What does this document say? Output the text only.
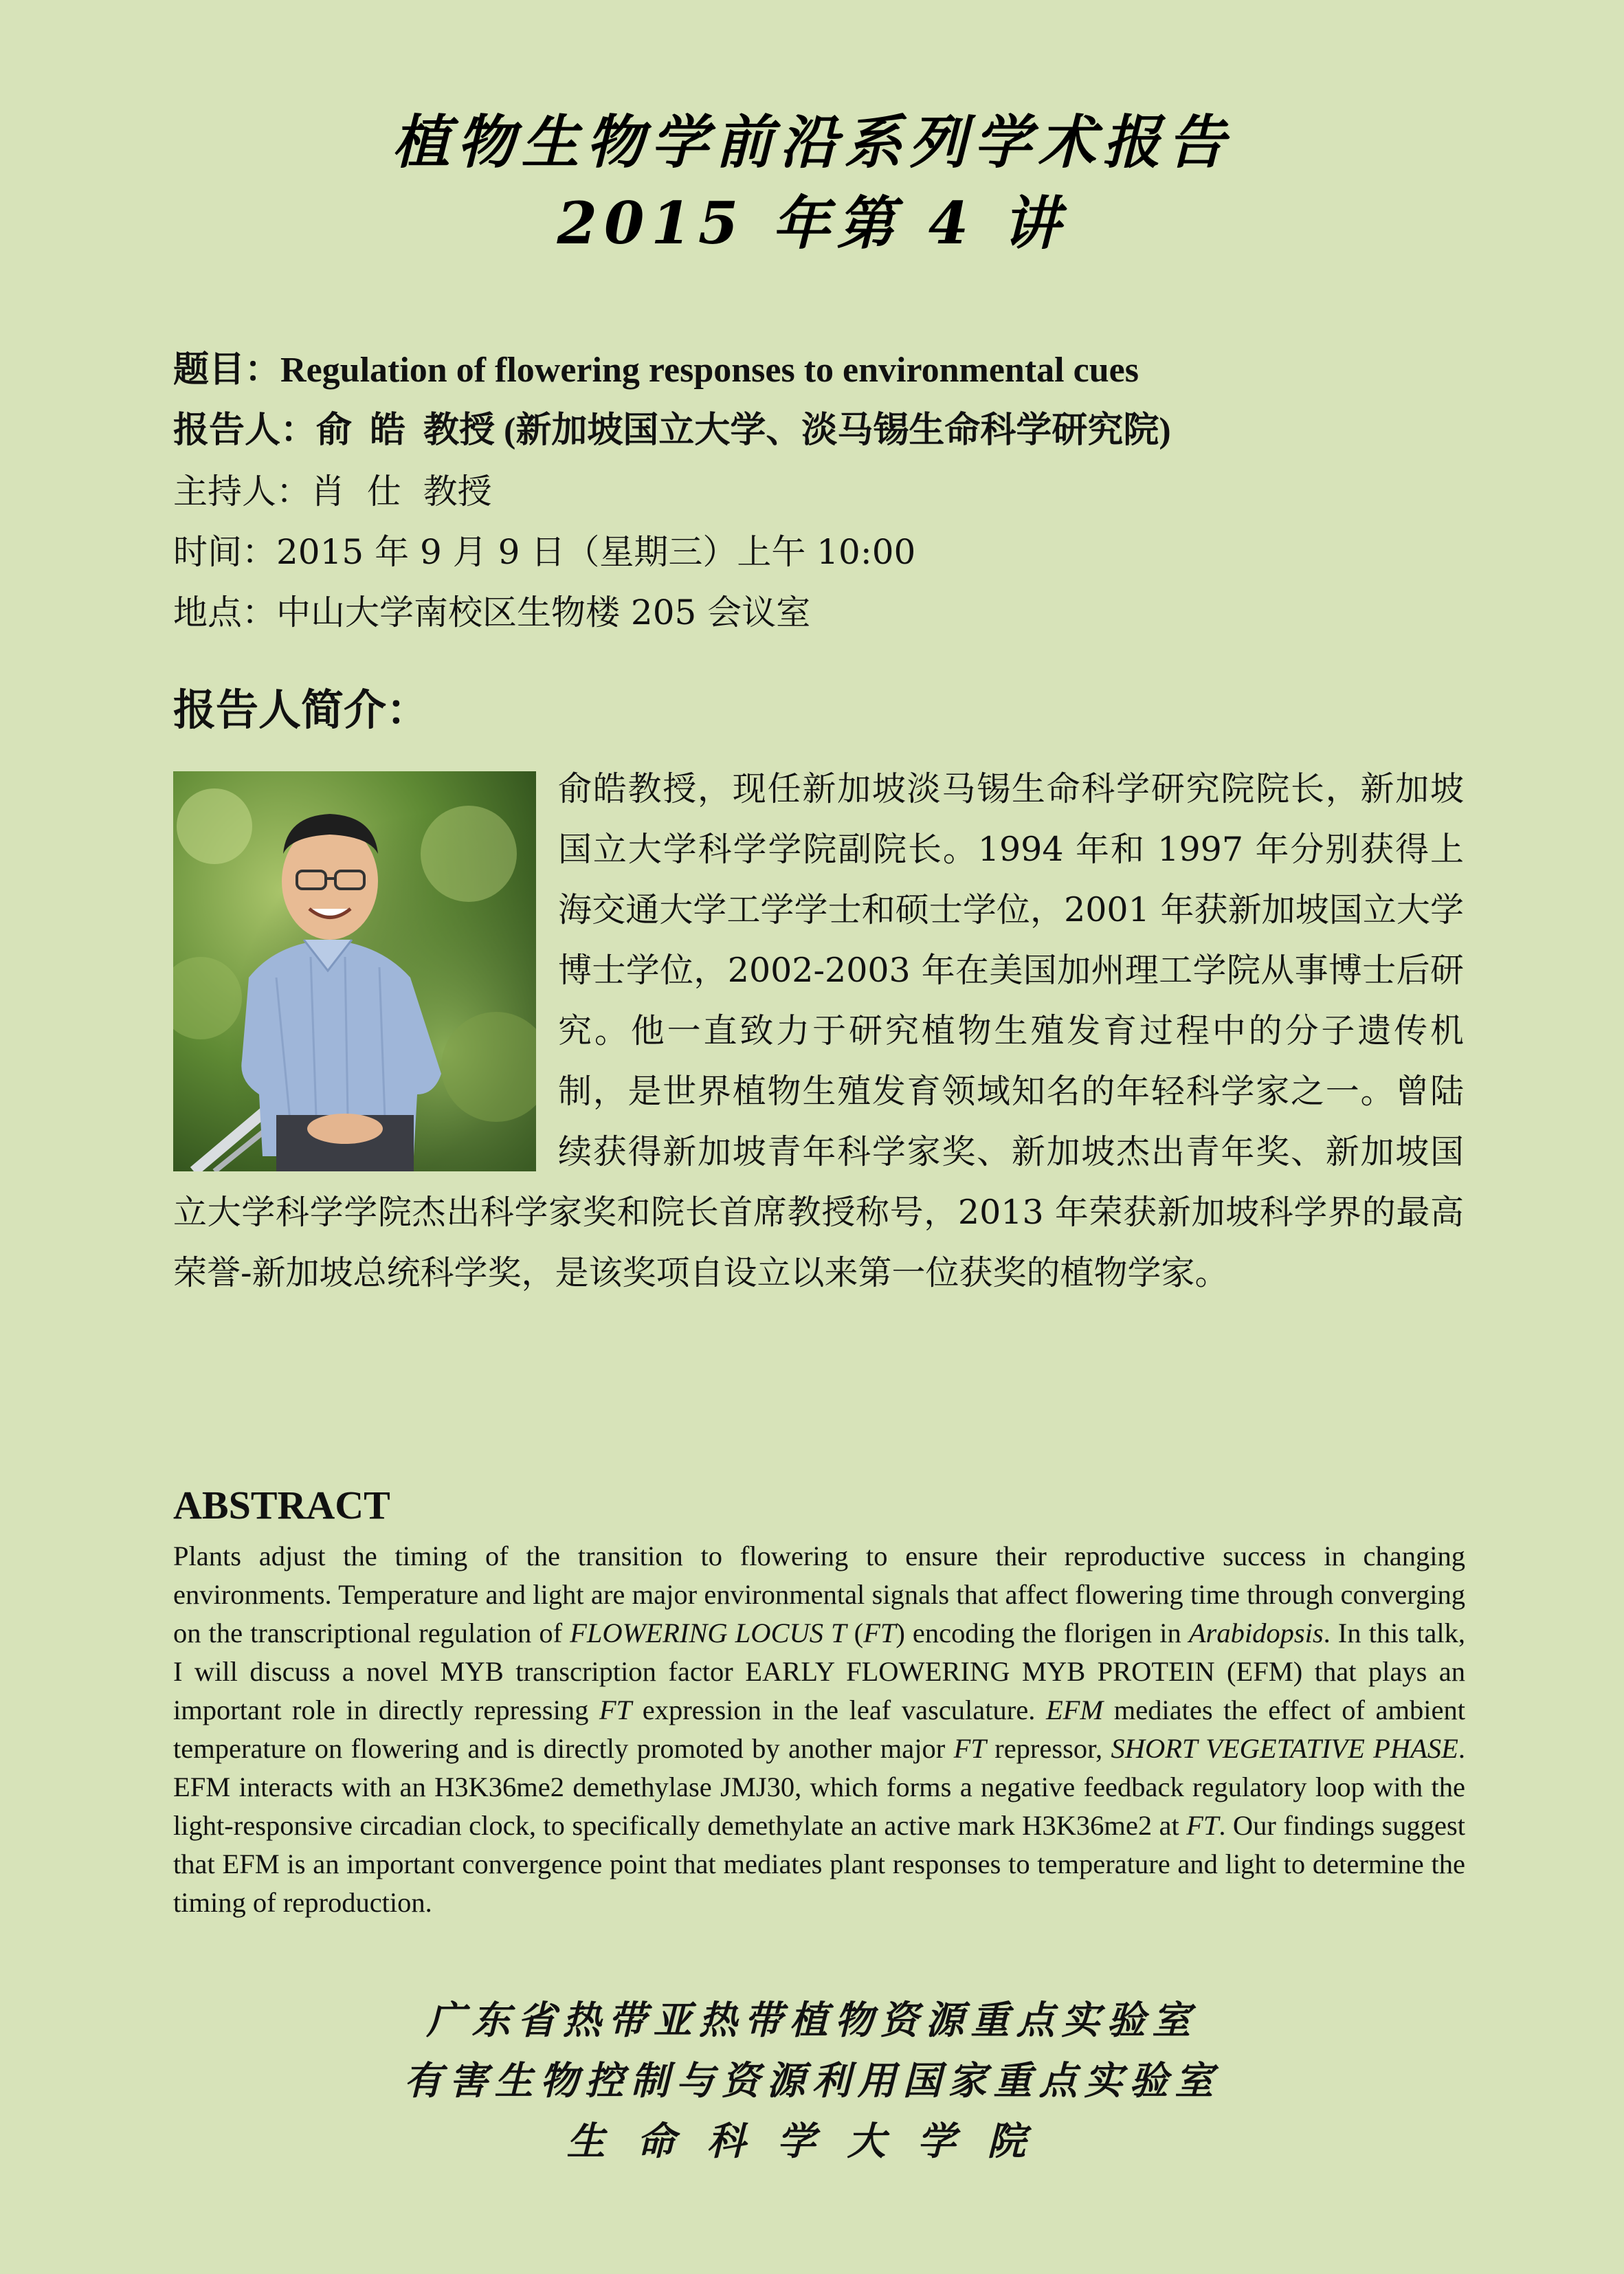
植物生物学前沿系列学术报告
2015 年第 4 讲
题目：Regulation of flowering responses to environmental cues
报告人：俞  皓  教授 (新加坡国立大学、淡马锡生命科学研究院)
主持人：肖  仕  教授
时间：2015 年 9 月 9 日（星期三）上午 10:00
地点：中山大学南校区生物楼 205 会议室
报告人简介：
俞皓教授，现任新加坡淡马锡生命科学研究院院长，新加坡国立大学科学学院副院长。1994 年和 1997 年分别获得上海交通大学工学学士和硕士学位，2001 年获新加坡国立大学博士学位，2002-2003 年在美国加州理工学院从事博士后研究。他一直致力于研究植物生殖发育过程中的分子遗传机制，是世界植物生殖发育领域知名的年轻科学家之一。曾陆续获得新加坡青年科学家奖、新加坡杰出青年奖、新加坡国立大学科学学院杰出科学家奖和院长首席教授称号，2013 年荣获新加坡科学界的最高荣誉-新加坡总统科学奖，是该奖项自设立以来第一位获奖的植物学家。
ABSTRACT
Plants adjust the timing of the transition to flowering to ensure their reproductive success in changing environments. Temperature and light are major environmental signals that affect flowering time through converging on the transcriptional regulation of FLOWERING LOCUS T (FT) encoding the florigen in Arabidopsis. In this talk, I will discuss a novel MYB transcription factor EARLY FLOWERING MYB PROTEIN (EFM) that plays an important role in directly repressing FT expression in the leaf vasculature. EFM mediates the effect of ambient temperature on flowering and is directly promoted by another major FT repressor, SHORT VEGETATIVE PHASE. EFM interacts with an H3K36me2 demethylase JMJ30, which forms a negative feedback regulatory loop with the light-responsive circadian clock, to specifically demethylate an active mark H3K36me2 at FT. Our findings suggest that EFM is an important convergence point that mediates plant responses to temperature and light to determine the timing of reproduction.
广东省热带亚热带植物资源重点实验室
有害生物控制与资源利用国家重点实验室
生命科学大学院
